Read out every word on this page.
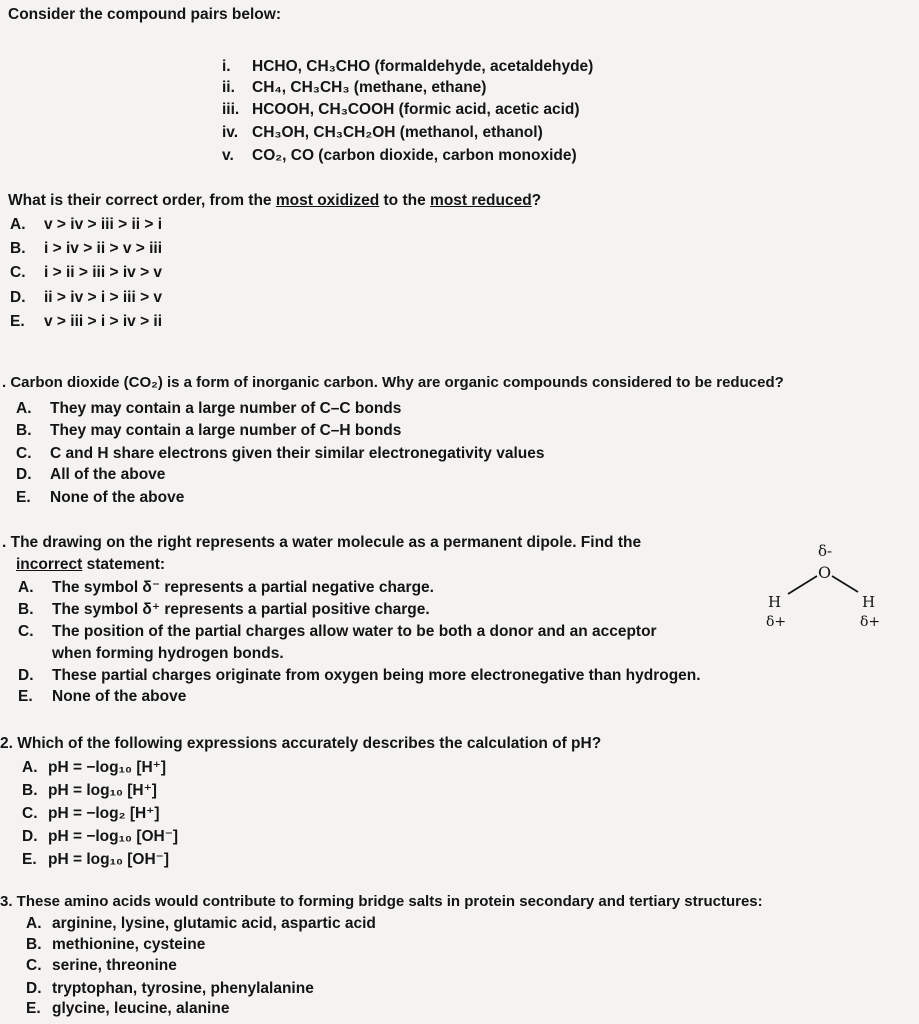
Consider the compound pairs below:
i. HCHO, CH₃CHO (formaldehyde, acetaldehyde)
ii. CH₄, CH₃CH₃ (methane, ethane)
iii. HCOOH, CH₃COOH (formic acid, acetic acid)
iv. CH₃OH, CH₃CH₂OH (methanol, ethanol)
v. CO₂, CO (carbon dioxide, carbon monoxide)
What is their correct order, from the most oxidized to the most reduced?
A. v > iv > iii > ii > i
B. i > iv > ii > v > iii
C. i > ii > iii > iv > v
D. ii > iv > i > iii > v
E. v > iii > i > iv > ii
. Carbon dioxide (CO₂) is a form of inorganic carbon. Why are organic compounds considered to be reduced?
A. They may contain a large number of C–C bonds
B. They may contain a large number of C–H bonds
C. C and H share electrons given their similar electronegativity values
D. All of the above
E. None of the above
. The drawing on the right represents a water molecule as a permanent dipole. Find the
incorrect statement:
A. The symbol δ⁻ represents a partial negative charge.
B. The symbol δ⁺ represents a partial positive charge.
C. The position of the partial charges allow water to be both a donor and an acceptor
when forming hydrogen bonds.
D. These partial charges originate from oxygen being more electronegative than hydrogen.
E. None of the above
δ-
O
H	H
δ+	δ+
2. Which of the following expressions accurately describes the calculation of pH?
A. pH = −log₁₀ [H⁺]
B. pH = log₁₀ [H⁺]
C. pH = −log₂ [H⁺]
D. pH = −log₁₀ [OH⁻]
E. pH = log₁₀ [OH⁻]
3. These amino acids would contribute to forming bridge salts in protein secondary and tertiary structures:
A. arginine, lysine, glutamic acid, aspartic acid
B. methionine, cysteine
C. serine, threonine
D. tryptophan, tyrosine, phenylalanine
E. glycine, leucine, alanine
